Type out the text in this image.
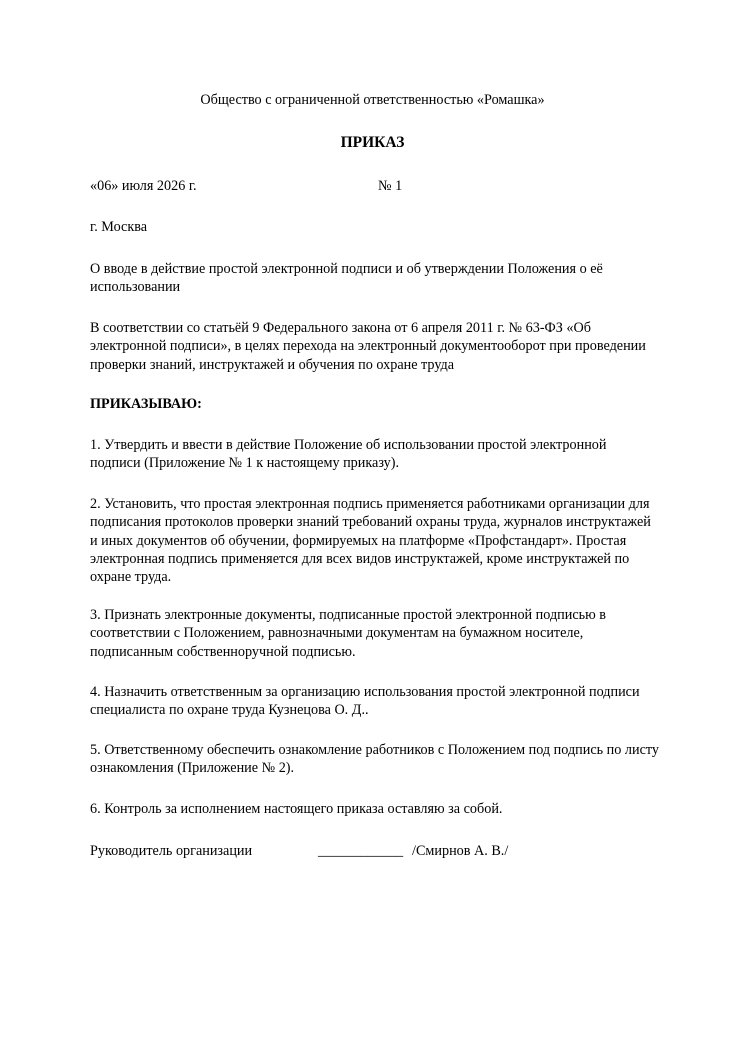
Общество с ограниченной ответственностью «Ромашка»
ПРИКАЗ
«06» июля 2026 г.	№ 1
г. Москва

О вводе в действие простой электронной подписи и об утверждении Положения о её использовании

В соответствии со статьёй 9 Федерального закона от 6 апреля 2011 г. № 63-ФЗ «Об электронной подписи», в целях перехода на электронный документооборот при проведении проверки знаний, инструктажей и обучения по охране труда

ПРИКАЗЫВАЮ:

1. Утвердить и ввести в действие Положение об использовании простой электронной подписи (Приложение № 1 к настоящему приказу).

2. Установить, что простая электронная подпись применяется работниками организации для подписания протоколов проверки знаний требований охраны труда, журналов инструктажей и иных документов об обучении, формируемых на платформе «Профстандарт». Простая электронная подпись применяется для всех видов инструктажей, кроме инструктажей по охране труда.

3. Признать электронные документы, подписанные простой электронной подписью в соответствии с Положением, равнозначными документам на бумажном носителе, подписанным собственноручной подписью.

4. Назначить ответственным за организацию использования простой электронной подписи специалиста по охране труда Кузнецова О. Д..

5. Ответственному обеспечить ознакомление работников с Положением под подпись по листу ознакомления (Приложение № 2).

6. Контроль за исполнением настоящего приказа оставляю за собой.

Руководитель организации	____________ /Смирнов А. В./
